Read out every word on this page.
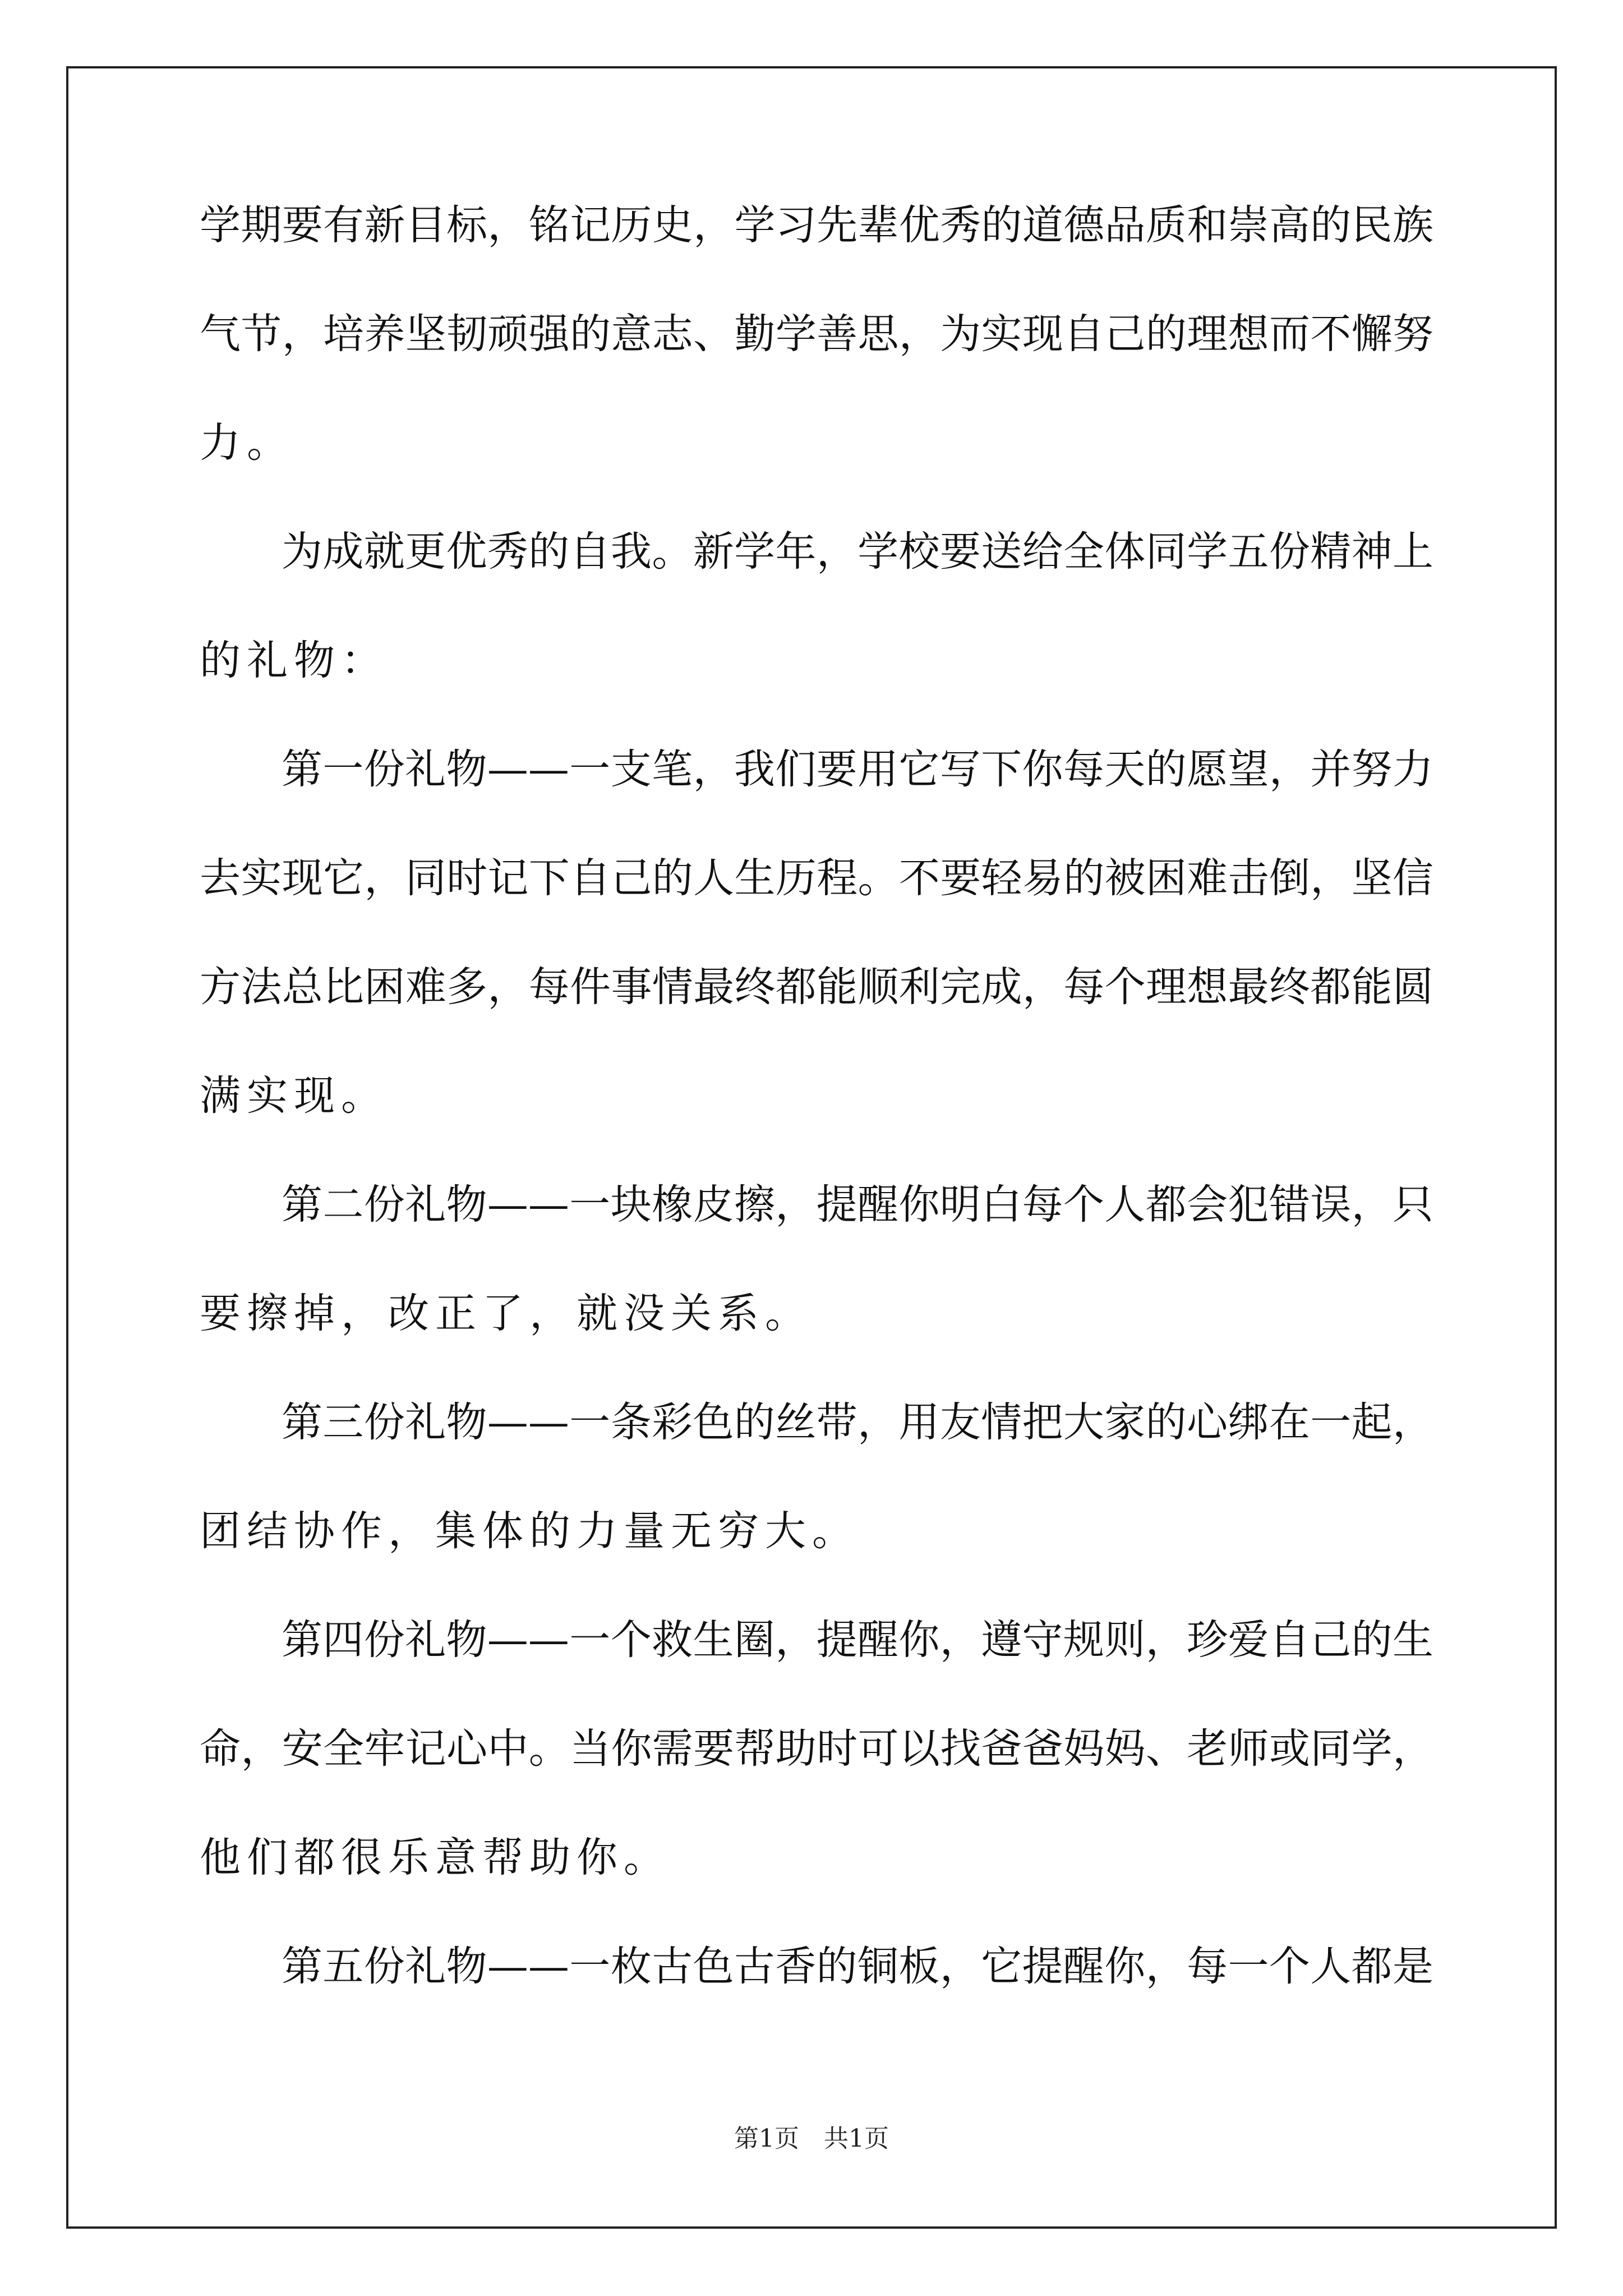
学期要有新目标，铭记历史，学习先辈优秀的道德品质和崇高的民族
气节，培养坚韧顽强的意志、勤学善思，为实现自己的理想而不懈努
力。
为成就更优秀的自我。新学年，学校要送给全体同学五份精神上
的礼物：
第一份礼物——一支笔，我们要用它写下你每天的愿望，并努力
去实现它，同时记下自己的人生历程。不要轻易的被困难击倒，坚信
方法总比困难多，每件事情最终都能顺利完成，每个理想最终都能圆
满实现。
第二份礼物——一块橡皮擦，提醒你明白每个人都会犯错误，只
要擦掉，改正了，就没关系。
第三份礼物——一条彩色的丝带，用友情把大家的心绑在一起，
团结协作，集体的力量无穷大。
第四份礼物——一个救生圈，提醒你，遵守规则，珍爱自己的生
命，安全牢记心中。当你需要帮助时可以找爸爸妈妈、老师或同学，
他们都很乐意帮助你。
第五份礼物——一枚古色古香的铜板，它提醒你，每一个人都是
第1页 共1页
